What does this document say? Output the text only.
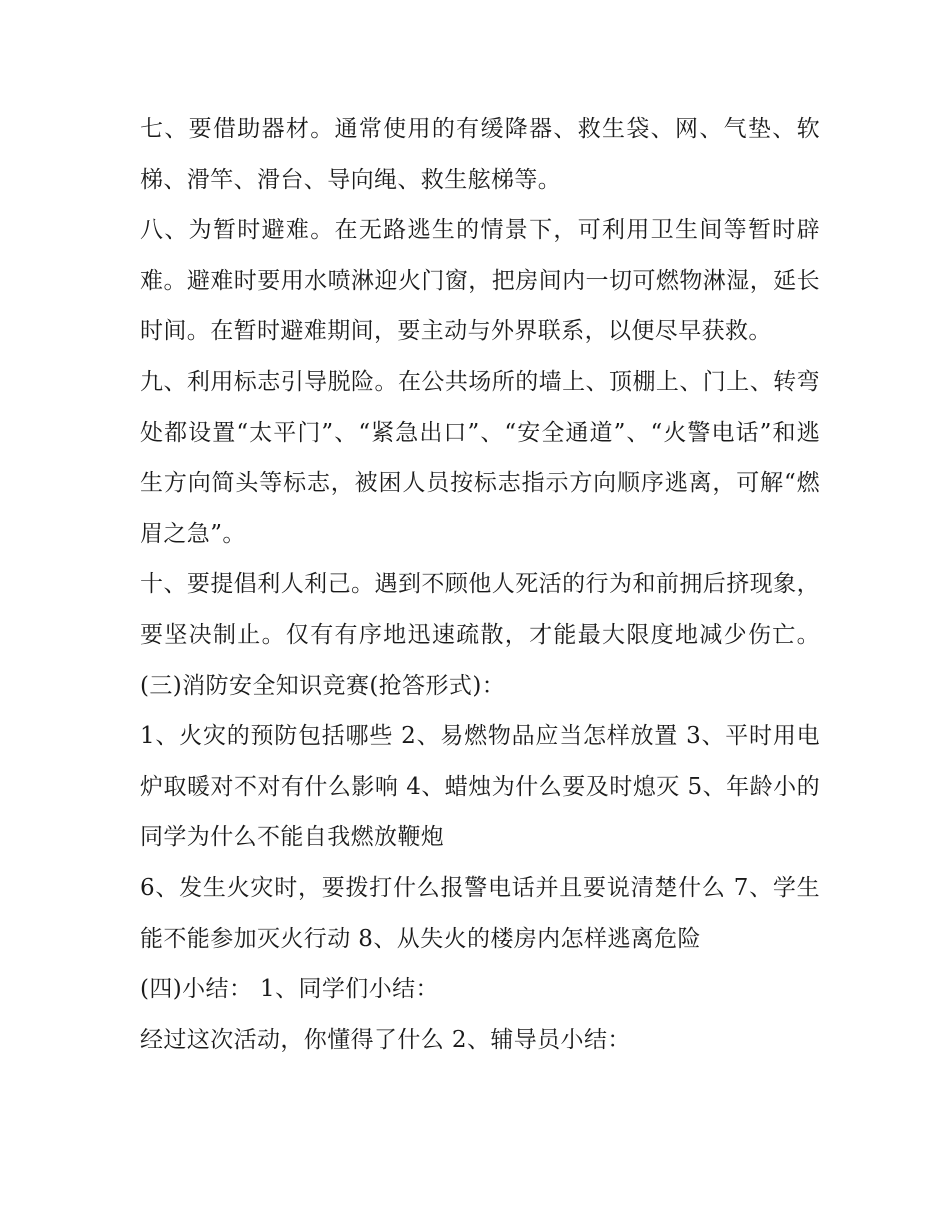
七、要借助器材。通常使用的有缓降器、救生袋、网、气垫、软梯、滑竿、滑台、导向绳、救生舷梯等。

八、为暂时避难。在无路逃生的情景下，可利用卫生间等暂时辟难。避难时要用水喷淋迎火门窗，把房间内一切可燃物淋湿，延长时间。在暂时避难期间，要主动与外界联系，以便尽早获救。

九、利用标志引导脱险。在公共场所的墙上、顶棚上、门上、转弯处都设置“太平门”、“紧急出口”、“安全通道”、“火警电话”和逃生方向简头等标志，被困人员按标志指示方向顺序逃离，可解“燃眉之急”。

十、要提倡利人利己。遇到不顾他人死活的行为和前拥后挤现象，要坚决制止。仅有有序地迅速疏散，才能最大限度地减少伤亡。 (三)消防安全知识竞赛(抢答形式)：

1、火灾的预防包括哪些 2、易燃物品应当怎样放置 3、平时用电炉取暖对不对有什么影响 4、蜡烛为什么要及时熄灭 5、年龄小的同学为什么不能自我燃放鞭炮

6、发生火灾时，要拨打什么报警电话并且要说清楚什么 7、学生能不能参加灭火行动 8、从失火的楼房内怎样逃离危险

(四)小结： 1、同学们小结：

经过这次活动，你懂得了什么 2、辅导员小结：
